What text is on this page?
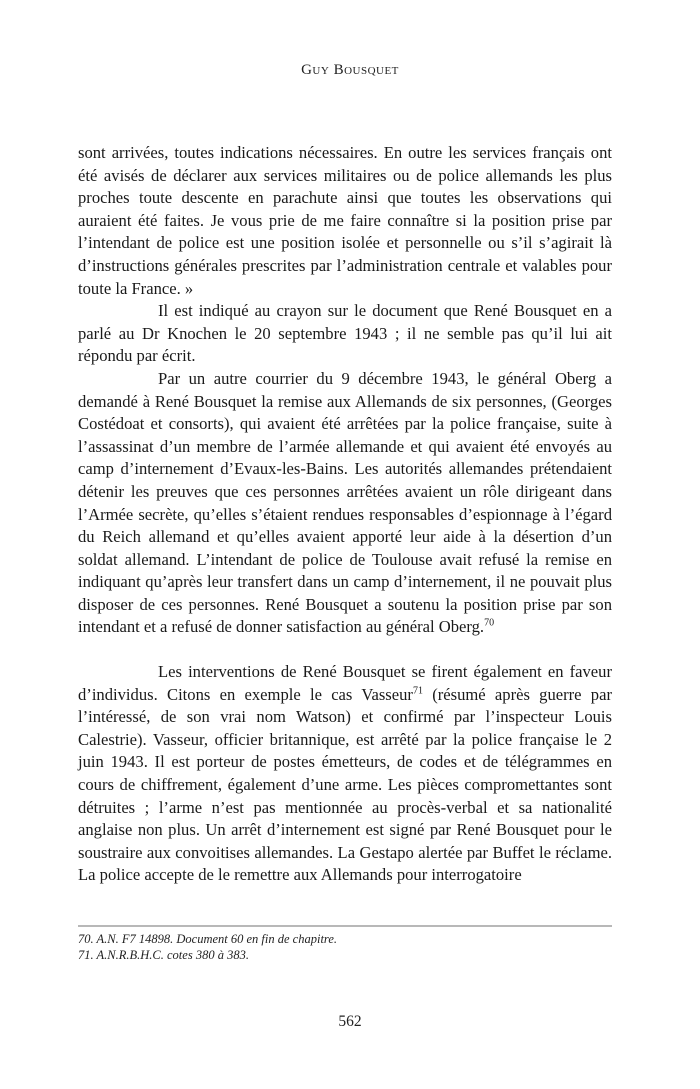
Guy Bousquet

sont arrivées, toutes indications nécessaires. En outre les services français ont été avisés de déclarer aux services militaires ou de police allemands les plus proches toute descente en parachute ainsi que toutes les observations qui auraient été faites. Je vous prie de me faire connaître si la position prise par l’intendant de police est une position isolée et personnelle ou s’il s’agirait là d’instructions générales prescrites par l’administration centrale et valables pour toute la France. »

Il est indiqué au crayon sur le document que René Bousquet en a parlé au Dr Knochen le 20 septembre 1943 ; il ne semble pas qu’il lui ait répondu par écrit.

Par un autre courrier du 9 décembre 1943, le général Oberg a demandé à René Bousquet la remise aux Allemands de six personnes, (Georges Costédoat et consorts), qui avaient été arrêtées par la police française, suite à l’assassinat d’un membre de l’armée allemande et qui avaient été envoyés au camp d’internement d’Evaux-les-Bains. Les autorités allemandes prétendaient détenir les preuves que ces personnes arrêtées avaient un rôle dirigeant dans l’Armée secrète, qu’elles s’étaient rendues responsables d’espionnage à l’égard du Reich allemand et qu’elles avaient apporté leur aide à la désertion d’un soldat allemand. L’intendant de police de Toulouse avait refusé la remise en indiquant qu’après leur transfert dans un camp d’internement, il ne pouvait plus disposer de ces personnes. René Bousquet a soutenu la position prise par son intendant et a refusé de donner satisfaction au général Oberg.$^{70}$

Les interventions de René Bousquet se firent également en faveur d’individus. Citons en exemple le cas Vasseur$^{71}$ (résumé après guerre par l’intéressé, de son vrai nom Watson) et confirmé par l’inspecteur Louis Calestrie). Vasseur, officier britannique, est arrêté par la police française le 2 juin 1943. Il est porteur de postes émetteurs, de codes et de télégrammes en cours de chiffrement, également d’une arme. Les pièces compromettantes sont détruites ; l’arme n’est pas mentionnée au procès-verbal et sa nationalité anglaise non plus. Un arrêt d’internement est signé par René Bousquet pour le soustraire aux convoitises allemandes. La Gestapo alertée par Buffet le réclame. La police accepte de le remettre aux Allemands pour interrogatoire

70. A.N. F7 14898. Document 60 en fin de chapitre.

71. A.N.R.B.H.C. cotes 380 à 383.

562
